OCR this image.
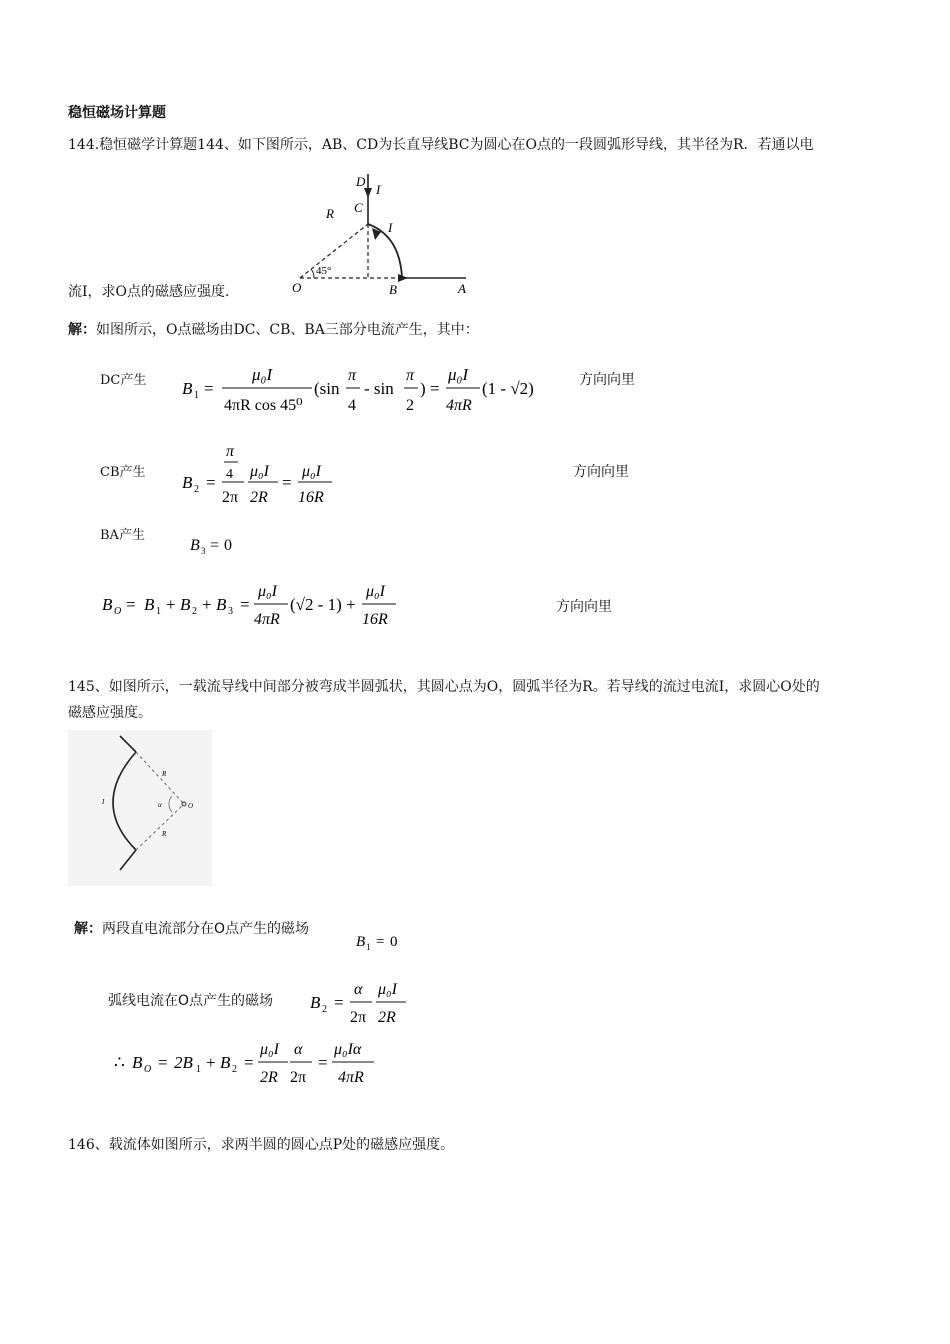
稳恒磁场计算题
144.稳恒磁学计算题144、如下图所示，AB、CD为长直导线BC为圆心在O点的一段圆弧形导线，其半径为R．若通以电
D
I
C
R
I
45°
O	B	A
流I，求O点的磁感应强度．
解：如图所示，O点磁场由DC、CB、BA三部分电流产生，其中：
DC产生 B 1 =
μ₀I
4πR cos 45⁰
(sin
π
4
- sin
π
2
) =
μ₀I
4πR
(1 - √2)	方向向里
CB产生
B 2 =
π
4
2π
μ₀I
2R
=
μ₀I
16R
方向向里
BA产生
B 3 = 0
B O = B 1 + B 2 + B 3 =
μ₀I
4πR
(√2 - 1) +
μ₀I
16R
方向向里
145、如图所示，一载流导线中间部分被弯成半圆弧状，其圆心点为O，圆弧半径为R。若导线的流过电流I，求圆心O处的
磁感应强度。
R
I	α	O
R
解：两段直电流部分在O点产生的磁场
B 1 = 0
弧线电流在O点产生的磁场 B 2 =
α
2π
μ₀I
2R
∴ B O = 2B 1 + B 2 =
μ₀I
2R
α
2π
=
μ₀Iα
4πR
146、载流体如图所示，求两半圆的圆心点P处的磁感应强度。
